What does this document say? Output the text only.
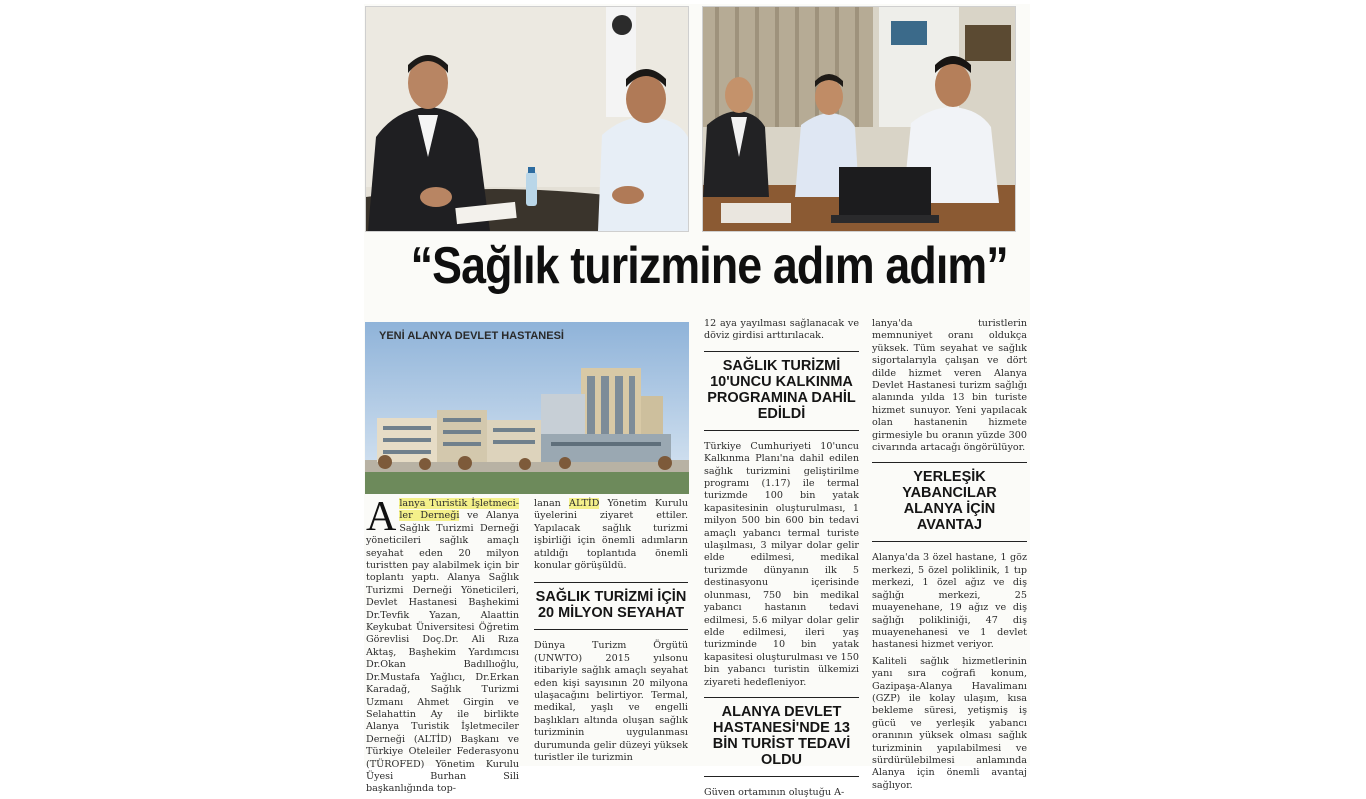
“Sağlık turizmine adım adım”
YENİ ALANYA DEVLET HASTANESİ

Alanya Turistik İşletmeci- ler Derneği ve Alanya Sağlık Turizmi Derneği yöneticileri sağlık amaçlı seyahat eden 20 milyon turistten pay alabilmek için bir toplantı yaptı. Alanya Sağlık Turizmi Derneği Yöneticileri, Devlet Hastanesi Başhekimi Dr.Tevfik Yazan, Alaattin Keykubat Üniversitesi Öğretim Görevlisi Doç.Dr. Ali Rıza Aktaş, Başhekim Yardımcısı Dr.Okan Badıllıoğlu, Dr.Mustafa Yağlıcı, Dr.Erkan Karadağ, Sağlık Turizmi Uzmanı Ahmet Girgin ve Selahattin Ay ile birlikte Alanya Turistik İşletmeciler Derneği (ALTİD) Başkanı ve Türkiye Oteleiler Federasyonu (TÜROFED) Yönetim Kurulu Üyesi Burhan Sili başkanlığında top-

lanan ALTİD Yönetim Kurulu üyelerini ziyaret ettiler. Yapılacak sağlık turizmi işbirliği için önemli adımların atıldığı toplantıda önemli konular görüşüldü.

SAĞLIK TURİZMİ İÇİN 20 MİLYON SEYAHAT

Dünya Turizm Örgütü (UNWTO) 2015 yılsonu itibariyle sağlık amaçlı seyahat eden kişi sayısının 20 milyona ulaşacağını belirtiyor. Termal, medikal, yaşlı ve engelli başlıkları altında oluşan sağlık turizminin uygulanması durumunda gelir düzeyi yüksek turistler ile turizmin

12 aya yayılması sağlanacak ve döviz girdisi arttırılacak.

SAĞLIK TURİZMİ 10'UNCU KALKINMA PROGRAMINA DAHİL EDİLDİ

Türkiye Cumhuriyeti 10'uncu Kalkınma Planı'na dahil edilen sağlık turizmini geliştirilme programı (1.17) ile termal turizmde 100 bin yatak kapasitesinin oluşturulması, 1 milyon 500 bin 600 bin tedavi amaçlı yabancı termal turiste ulaşılması, 3 milyar dolar gelir elde edilmesi, medikal turizmde dünyanın ilk 5 destinasyonu içerisinde olunması, 750 bin medikal yabancı hastanın tedavi edilmesi, 5.6 milyar dolar gelir elde edilmesi, ileri yaş turizminde 10 bin yatak kapasitesi oluşturulması ve 150 bin yabancı turistin ülkemizi ziyareti hedefleniyor.

ALANYA DEVLET HASTANESİ'NDE 13 BİN TURİST TEDAVİ OLDU

Güven ortamının oluştuğu A-

lanya'da turistlerin memnuniyet oranı oldukça yüksek. Tüm seyahat ve sağlık sigortalarıyla çalışan ve dört dilde hizmet veren Alanya Devlet Hastanesi turizm sağlığı alanında yılda 13 bin turiste hizmet sunuyor. Yeni yapılacak olan hastanenin hizmete girmesiyle bu oranın yüzde 300 civarında artacağı öngörülüyor.

YERLEŞİK YABANCILAR ALANYA İÇİN AVANTAJ

Alanya'da 3 özel hastane, 1 göz merkezi, 5 özel poliklinik, 1 tıp merkezi, 1 özel ağız ve diş sağlığı merkezi, 25 muayenehane, 19 ağız ve diş sağlığı polikliniği, 47 diş muayenehanesi ve 1 devlet hastanesi hizmet veriyor.

Kaliteli sağlık hizmetlerinin yanı sıra coğrafi konum, Gazipaşa-Alanya Havalimanı (GZP) ile kolay ulaşım, kısa bekleme süresi, yetişmiş iş gücü ve yerleşik yabancı oranının yüksek olması sağlık turizminin yapılabilmesi ve sürdürülebilmesi anlamında Alanya için önemli avantaj sağlıyor.
